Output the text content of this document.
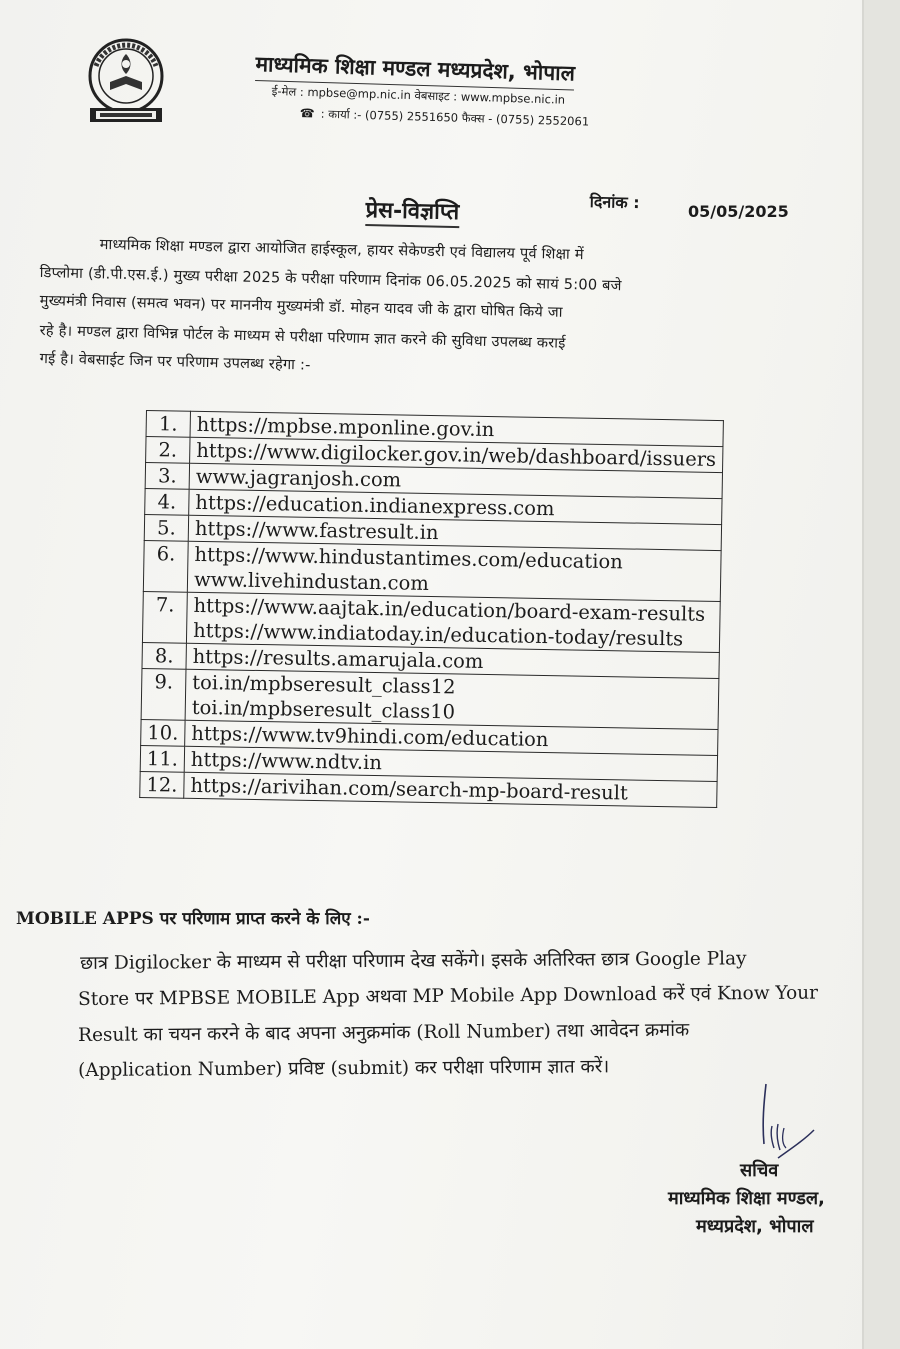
माध्यमिक शिक्षा मण्डल मध्यप्रदेश, भोपाल
ई-मेल : mpbse@mp.nic.in वेबसाइट : www.mpbse.nic.in
☎ : कार्या :- (0755) 2551650 फैक्स - (0755) 2552061
प्रेस-विज्ञप्ति	दिनांक :	05/05/2025
माध्यमिक शिक्षा मण्डल द्वारा आयोजित हाईस्कूल, हायर सेकेण्डरी एवं विद्यालय पूर्व शिक्षा में
डिप्लोमा (डी.पी.एस.ई.) मुख्य परीक्षा 2025 के परीक्षा परिणाम दिनांक 06.05.2025 को सायं 5:00 बजे
मुख्यमंत्री निवास (समत्व भवन) पर माननीय मुख्यमंत्री डॉ. मोहन यादव जी के द्वारा घोषित किये जा
रहे है। मण्डल द्वारा विभिन्न पोर्टल के माध्यम से परीक्षा परिणाम ज्ञात करने की सुविधा उपलब्ध कराई
गई है। वेबसाईट जिन पर परिणाम उपलब्ध रहेगा :-
1.	https://mpbse.mponline.gov.in

2.	https://www.digilocker.gov.in/web/dashboard/issuers

3.	www.jagranjosh.com

4.	https://education.indianexpress.com

5.	https://www.fastresult.in

6.	https://www.hindustantimes.com/education
www.livehindustan.com

7.	https://www.aajtak.in/education/board-exam-results
https://www.indiatoday.in/education-today/results

8.	https://results.amarujala.com

9.	toi.in/mpbseresult_class12
toi.in/mpbseresult_class10

10.	https://www.tv9hindi.com/education

11.	https://www.ndtv.in

12.	https://arivihan.com/search-mp-board-result
MOBILE APPS पर परिणाम प्राप्त करने के लिए :-
छात्र Digilocker के माध्यम से परीक्षा परिणाम देख सकेंगे। इसके अतिरिक्त छात्र Google Play
Store पर MPBSE MOBILE App अथवा MP Mobile App Download करें एवं Know Your
Result का चयन करने के बाद अपना अनुक्रमांक (Roll Number) तथा आवेदन क्रमांक
(Application Number) प्रविष्ट (submit) कर परीक्षा परिणाम ज्ञात करें।
सचिव
माध्यमिक शिक्षा मण्डल,
मध्यप्रदेश, भोपाल
